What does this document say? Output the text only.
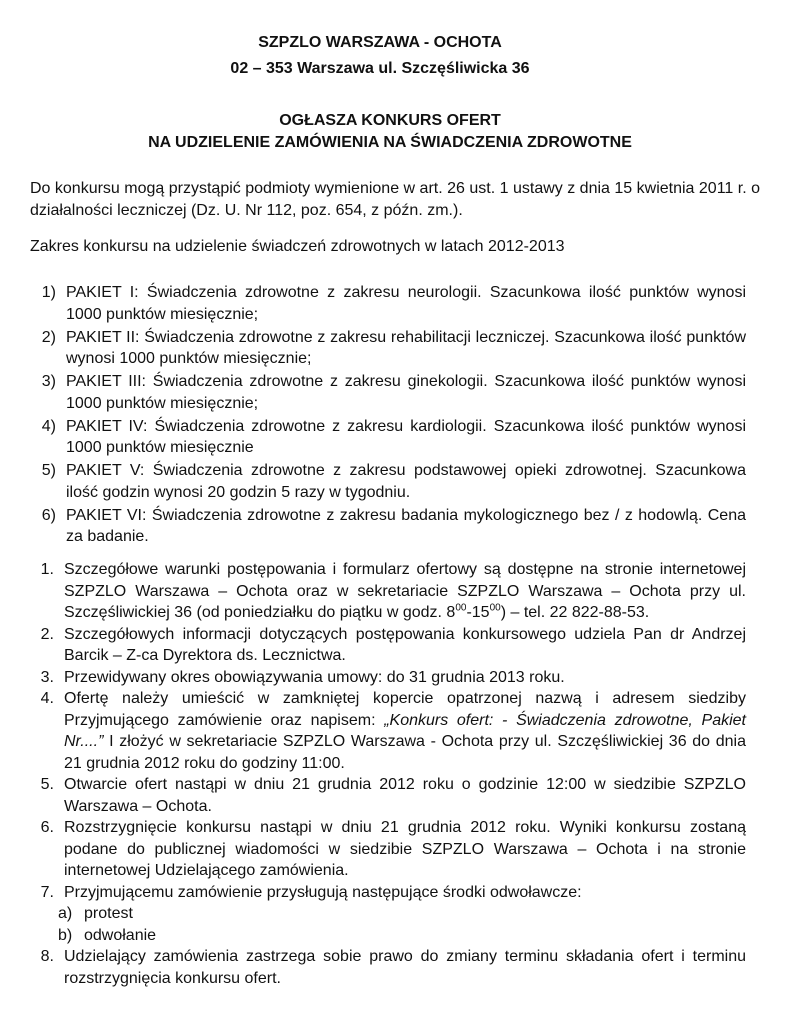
SZPZLO WARSZAWA - OCHOTA
02 – 353 Warszawa ul. Szczęśliwicka 36
OGŁASZA KONKURS OFERT
NA UDZIELENIE ZAMÓWIENIA NA ŚWIADCZENIA ZDROWOTNE
Do konkursu mogą przystąpić podmioty wymienione w art. 26 ust. 1 ustawy z dnia 15 kwietnia 2011 r. o działalności leczniczej (Dz. U. Nr 112, poz. 654, z późn. zm.).
Zakres konkursu na udzielenie świadczeń zdrowotnych w latach 2012-2013
1) PAKIET I: Świadczenia zdrowotne z zakresu neurologii. Szacunkowa ilość punktów wynosi 1000 punktów miesięcznie;
2) PAKIET II: Świadczenia zdrowotne z zakresu rehabilitacji leczniczej. Szacunkowa ilość punktów wynosi 1000 punktów miesięcznie;
3) PAKIET III: Świadczenia zdrowotne z zakresu ginekologii. Szacunkowa ilość punktów wynosi 1000 punktów miesięcznie;
4) PAKIET IV: Świadczenia zdrowotne z zakresu kardiologii. Szacunkowa ilość punktów wynosi 1000 punktów miesięcznie
5) PAKIET V: Świadczenia zdrowotne z zakresu podstawowej opieki zdrowotnej. Szacunkowa ilość godzin wynosi 20 godzin 5 razy w tygodniu.
6) PAKIET VI: Świadczenia zdrowotne z zakresu badania mykologicznego bez / z hodowlą. Cena za badanie.
1. Szczegółowe warunki postępowania i formularz ofertowy są dostępne na stronie internetowej SZPZLO Warszawa – Ochota oraz w sekretariacie SZPZLO Warszawa – Ochota przy ul. Szczęśliwickiej 36 (od poniedziałku do piątku w godz. $8^{00}-15^{00}$) – tel. 22 822-88-53.
2. Szczegółowych informacji dotyczących postępowania konkursowego udziela Pan dr Andrzej Barcik – Z-ca Dyrektora ds. Lecznictwa.
3. Przewidywany okres obowiązywania umowy: do 31 grudnia 2013 roku.
4. Ofertę należy umieścić w zamkniętej kopercie opatrzonej nazwą i adresem siedziby Przyjmującego zamówienie oraz napisem: „Konkurs ofert: - Świadczenia zdrowotne, Pakiet Nr....” I złożyć w sekretariacie SZPZLO Warszawa - Ochota przy ul. Szczęśliwickiej 36 do dnia 21 grudnia 2012 roku do godziny 11:00.
5. Otwarcie ofert nastąpi w dniu 21 grudnia 2012 roku o godzinie 12:00 w siedzibie SZPZLO Warszawa – Ochota.
6. Rozstrzygnięcie konkursu nastąpi w dniu 21 grudnia 2012 roku. Wyniki konkursu zostaną podane do publicznej wiadomości w siedzibie SZPZLO Warszawa – Ochota i na stronie internetowej Udzielającego zamówienia.
7. Przyjmującemu zamówienie przysługują następujące środki odwoławcze:
a) protest
b) odwołanie
8. Udzielający zamówienia zastrzega sobie prawo do zmiany terminu składania ofert i terminu rozstrzygnięcia konkursu ofert.
